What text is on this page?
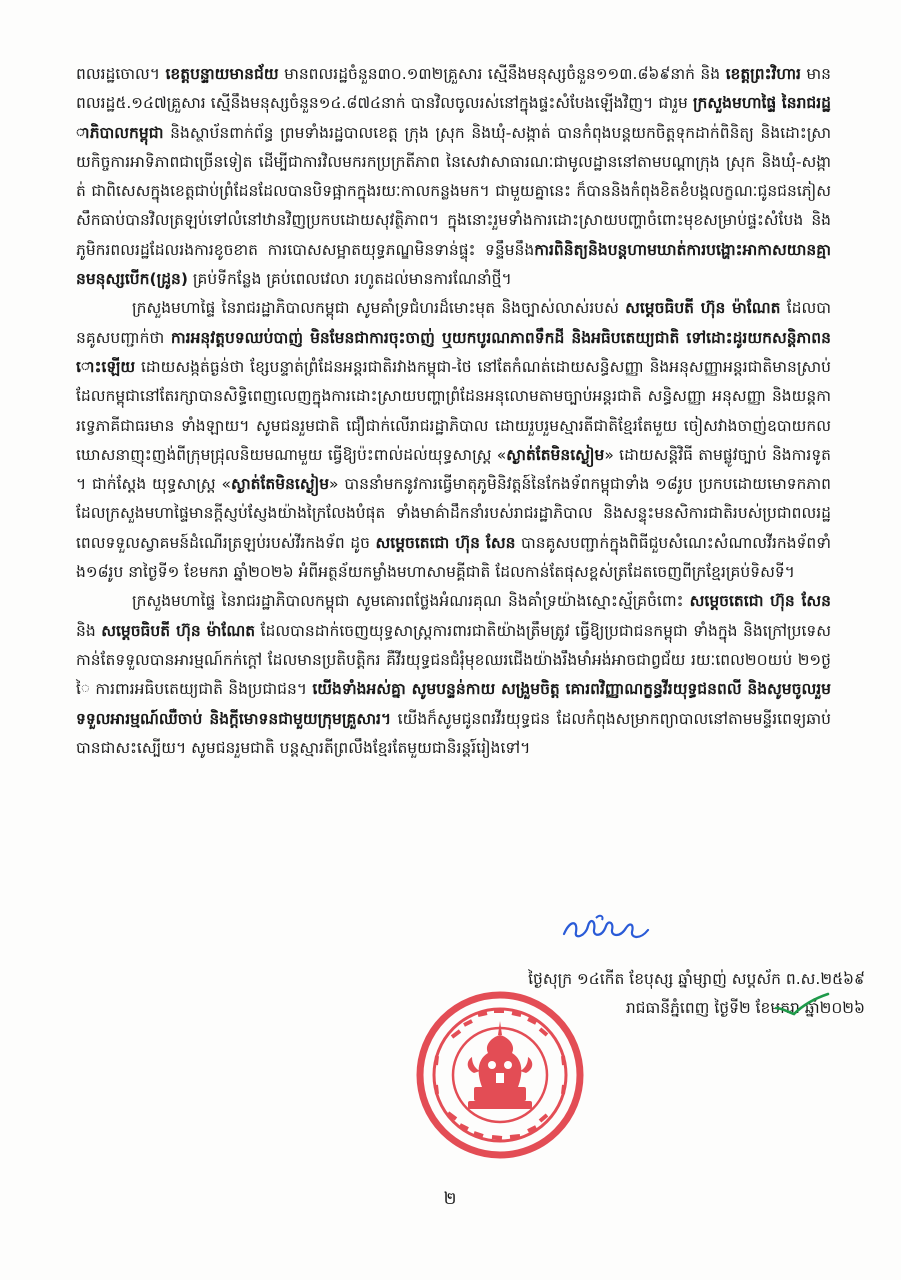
ពលរដ្ឋចោល។ ខេត្តបន្ទាយមានជ័យ មានពលរដ្ឋចំនួន៣០.១៣២គ្រួសារ ស្មើនឹងមនុស្សចំនួន១១៣.៨៦៩នាក់ និង ខេត្តព្រះវិហារ មានពលរដ្ឋ៥.១៤៧គ្រួសារ ស្មើនឹងមនុស្សចំនួន១៤.៨៧៤នាក់ បានវិលចូលរស់នៅក្នុងផ្ទះសំបែងឡើងវិញ។ ជារួម ក្រសួងមហាផ្ទៃ នៃរាជរដ្ឋាភិបាលកម្ពុជា និងស្ថាប័នពាក់ព័ន្ធ ព្រមទាំងរដ្ឋបាលខេត្ត ក្រុង ស្រុក និងឃុំ-សង្កាត់ បានកំពុងបន្តយកចិត្តទុកដាក់ពិនិត្យ និងដោះស្រាយកិច្ចការអាទិភាពជាច្រើនទៀត ដើម្បីជាការវិលមករកប្រក្រតីភាព នៃសេវាសាធារណៈជាមូលដ្ឋាននៅតាមបណ្តាក្រុង ស្រុក និងឃុំ-សង្កាត់ ជាពិសេសក្នុងខេត្តជាប់ព្រំដែនដែលបានបិទផ្អាកក្នុងរយៈកាលកន្លងមក។ ជាមួយគ្នានេះ ក៏បាននិងកំពុងខិតខំបង្កលក្ខណៈជូនជនភៀសសឹកធាប់បានវិលត្រឡប់ទៅលំនៅឋានវិញប្រកបដោយសុវត្ថិភាព។ ក្នុងនោះរួមទាំងការដោះស្រាយបញ្ហាចំពោះមុខសម្រាប់ផ្ទះសំបែង និងភូមិករពលរដ្ឋដែលរងការខូចខាត ការបោសសម្អាតយុទ្ធភណ្ឌមិនទាន់ផ្ទុះ ទន្ទឹមនឹងការពិនិត្យនិងបន្តហាមឃាត់ការបង្ហោះអាកាសយានគ្មានមនុស្សបើក(ដ្រូន) គ្រប់ទីកន្លែង គ្រប់ពេលវេលា រហូតដល់មានការណែនាំថ្មី។

ក្រសួងមហាផ្ទៃ នៃរាជរដ្ឋាភិបាលកម្ពុជា សូមគាំទ្រជំហរដ៏មោះមុត និងច្បាស់លាស់របស់ សម្តេចធិបតី ហ៊ុន ម៉ាណែត ដែលបានគូសបញ្ជាក់ថា ការអនុវត្តបទឈប់បាញ់ មិនមែនជាការចុះចាញ់ ឬយកបូរណភាពទឹកដី និងអធិបតេយ្យជាតិ ទៅដោះដូរយកសន្តិភាពនោះឡើយ ដោយសង្កត់ធ្ងន់ថា ខ្សែបន្ទាត់ព្រំដែនអន្តរជាតិរវាងកម្ពុជា-ថៃ នៅតែកំណត់ដោយសន្ធិសញ្ញា និងអនុសញ្ញាអន្តរជាតិមានស្រាប់ ដែលកម្ពុជានៅតែរក្សាបានសិទ្ធិពេញលេញក្នុងការដោះស្រាយបញ្ហាព្រំដែនអនុលោមតាមច្បាប់អន្តរជាតិ សន្ធិសញ្ញា អនុសញ្ញា និងយន្តការទ្វេភាគីជាធរមាន ទាំងឡាយ។ សូមជនរួមជាតិ ជឿជាក់លើរាជរដ្ឋាភិបាល ដោយរួបរួមស្មារតីជាតិខ្មែរតែមួយ ចៀសវាងចាញ់ឧបាយកលឃោសនាញុះញង់ពីក្រុមជ្រុលនិយមណាមួយ ធ្វើឱ្យប៉ះពាល់ដល់យុទ្ធសាស្ត្រ «ស្ងាត់តែមិនស្ងៀម» ដោយសន្តិវិធី តាមផ្លូវច្បាប់ និងការទូត។ ជាក់ស្តែង យុទ្ធសាស្ត្រ «ស្ងាត់តែមិនស្ងៀម» បាននាំមកនូវការធ្វើមាតុភូមិនិវត្តន៍នៃកែងទ័ពកម្ពុជាទាំង ១៨រូប ប្រកបដោយមោទកភាព ដែលក្រសួងមហាផ្ទៃមានក្តីស្ញប់ស្ញែងយ៉ាងក្រៃលែងបំផុត ទាំងមាគ៌ាដឹកនាំរបស់រាជរដ្ឋាភិបាល និងសន្ទុះមនសិការជាតិរបស់ប្រជាពលរដ្ឋ ពេលទទួលស្វាគមន៍ដំណើរត្រឡប់របស់វីរកងទ័ព ដូច សម្តេចតេជោ ហ៊ុន សែន បានគូសបញ្ជាក់ក្នុងពិធីជួបសំណេះសំណាលវីរកងទ័ពទាំង១៨រូប នាថ្ងៃទី១ ខែមករា ឆ្នាំ២០២៦ អំពីអត្ថន័យកម្លាំងមហាសាមគ្គីជាតិ ដែលកាន់តែផុសខ្ពស់ត្រដែតចេញពីក្រខ្មែរគ្រប់ទិសទី។

ក្រសួងមហាផ្ទៃ នៃរាជរដ្ឋាភិបាលកម្ពុជា សូមគោរពថ្លែងអំណរគុណ និងគាំទ្រយ៉ាងស្មោះស្ម័គ្រចំពោះ សម្តេចតេជោ ហ៊ុន សែន និង សម្តេចធិបតី ហ៊ុន ម៉ាណែត ដែលបានដាក់ចេញយុទ្ធសាស្ត្រការពារជាតិយ៉ាងត្រឹមត្រូវ ធ្វើឱ្យប្រជាជនកម្ពុជា ទាំងក្នុង និងក្រៅប្រទេស កាន់តែទទួលបានអារម្មណ៍កក់ក្តៅ ដែលមានប្រតិបត្តិករ គឺវីរយុទ្ធជនជំរុំមុខឈរជើងយ៉ាងរឹងមាំអង់អាចជាព្វជ័យ រយៈពេល២០យប់ ២១ថ្ងៃ ការពារអធិបតេយ្យជាតិ និងប្រជាជន។ យើងទាំងអស់គ្នា សូមបន្ទន់កាយ សង្រួមចិត្ត គោរពវិញ្ញាណក្ខន្ធវីរយុទ្ធជនពលី និងសូមចូលរួមទទួលអារម្មណ៍ឈឺចាប់ និងក្តីមោទនជាមួយក្រុមគ្រួសារ។ យើងក៏សូមជូនពរវីរយុទ្ធជន ដែលកំពុងសម្រាកព្យាបាលនៅតាមមន្ទីរពេទ្យឆាប់បានជាសះស្បើយ។ សូមជនរួមជាតិ បន្តស្មារតីព្រលឹងខ្មែរតែមួយជានិរន្តរ៍រៀងទៅ។

ថ្ងៃសុក្រ ១៤កើត ខែបុស្ស ឆ្នាំម្សាញ់ សប្តស័ក ព.ស.២៥៦៩
រាជធានីភ្នំពេញ ថ្ងៃទី២ ខែមករា ឆ្នាំ២០២៦
២
